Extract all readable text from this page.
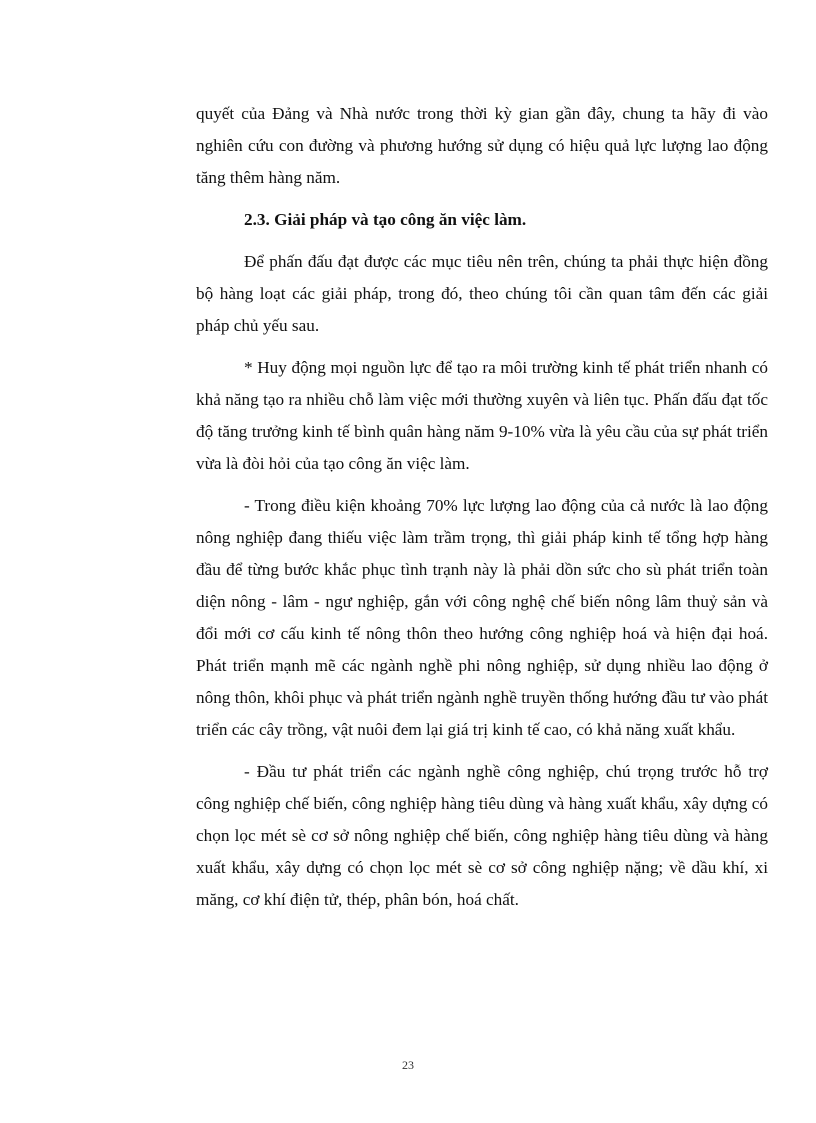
quyết của Đảng và Nhà nước trong thời kỳ gian gần đây, chung ta hãy đi vào nghiên cứu con đường và phương hướng sử dụng có hiệu quả lực lượng lao động tăng thêm hàng năm.

2.3. Giải pháp và tạo công ăn việc làm.

Để phấn đấu đạt được các mục tiêu nên trên, chúng ta phải thực hiện đồng bộ hàng loạt các giải pháp, trong đó, theo chúng tôi cần quan tâm đến các giải pháp chủ yếu sau.

* Huy động mọi nguồn lực để tạo ra môi trường kinh tế phát triển nhanh có khả năng tạo ra nhiều chỗ làm việc mới thường xuyên và liên tục. Phấn đấu đạt tốc độ tăng trưởng kinh tế bình quân hàng năm 9-10% vừa là yêu cầu của sự phát triển vừa là đòi hỏi của tạo công ăn việc làm.

- Trong điều kiện khoảng 70% lực lượng lao động của cả nước là lao động nông nghiệp đang thiếu việc làm trầm trọng, thì giải pháp kinh tế tổng hợp hàng đầu để từng bước khắc phục tình trạnh này là phải dồn sức cho sù phát triển toàn diện nông - lâm - ngư nghiệp, gắn với công nghệ chế biến nông lâm thuỷ sản và đổi mới cơ cấu kinh tế nông thôn theo hướng công nghiệp hoá và hiện đại hoá. Phát triển mạnh mẽ các ngành nghề phi nông nghiệp, sử dụng nhiều lao động ở nông thôn, khôi phục và phát triển ngành nghề truyền thống hướng đầu tư vào phát triển các cây trồng, vật nuôi đem lại giá trị kinh tế cao, có khả năng xuất khẩu.

- Đầu tư phát triển các ngành nghề công nghiệp, chú trọng trước hỗ trợ công nghiệp chế biến, công nghiệp hàng tiêu dùng và hàng xuất khẩu, xây dựng có chọn lọc mét sè cơ sở nông nghiệp chế biến, công nghiệp hàng tiêu dùng và hàng xuất khẩu, xây dựng có chọn lọc mét sè cơ sở công nghiệp nặng; về dầu khí, xi măng, cơ khí điện tử, thép, phân bón, hoá chất.

23
